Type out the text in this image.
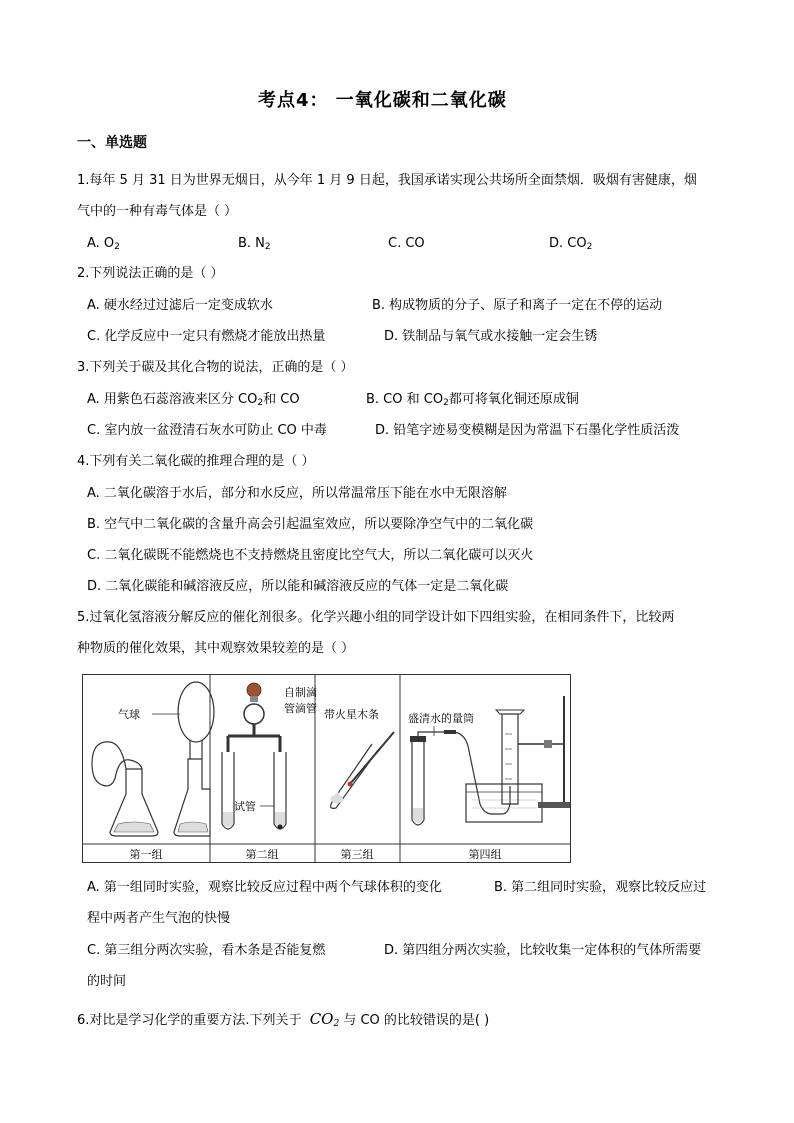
考点4： 一氧化碳和二氧化碳
一、单选题
1.每年 5 月 31 日为世界无烟日，从今年 1 月 9 日起，我国承诺实现公共场所全面禁烟．吸烟有害健康，烟
气中的一种有毒气体是（ ）
A. $O_2$	B. $N_2$	C. CO	D. $CO_2$
2.下列说法正确的是（ ）
A. 硬水经过过滤后一定变成软水	B. 构成物质的分子、原子和离子一定在不停的运动
C. 化学反应中一定只有燃烧才能放出热量	D. 铁制品与氧气或水接触一定会生锈
3.下列关于碳及其化合物的说法，正确的是（ ）
A. 用紫色石蕊溶液来区分 $CO_2$和 CO	B. CO 和 $CO_2$都可将氧化铜还原成铜
C. 室内放一盆澄清石灰水可防止 CO 中毒	D. 铅笔字迹易变模糊是因为常温下石墨化学性质活泼
4.下列有关二氧化碳的推理合理的是（ ）
A. 二氧化碳溶于水后，部分和水反应，所以常温常压下能在水中无限溶解
B. 空气中二氧化碳的含量升高会引起温室效应，所以要除净空气中的二氧化碳
C. 二氧化碳既不能燃烧也不支持燃烧且密度比空气大，所以二氧化碳可以灭火
D. 二氧化碳能和碱溶液反应，所以能和碱溶液反应的气体一定是二氧化碳
5.过氧化氢溶液分解反应的催化剂很多。化学兴趣小组的同学设计如下四组实验，在相同条件下，比较两
种物质的催化效果，其中观察效果较差的是（ ）
气球
自制滴
管滴管
试管
带火星木条	盛清水的量筒
第一组	第二组	第三组	第四组
A. 第一组同时实验，观察比较反应过程中两个气球体积的变化	B. 第二组同时实验，观察比较反应过
程中两者产生气泡的快慢
C. 第三组分两次实验，看木条是否能复燃	D. 第四组分两次实验，比较收集一定体积的气体所需要
的时间
6.对比是学习化学的重要方法.下列关于 $CO_2$ 与 CO 的比较错误的是( )
